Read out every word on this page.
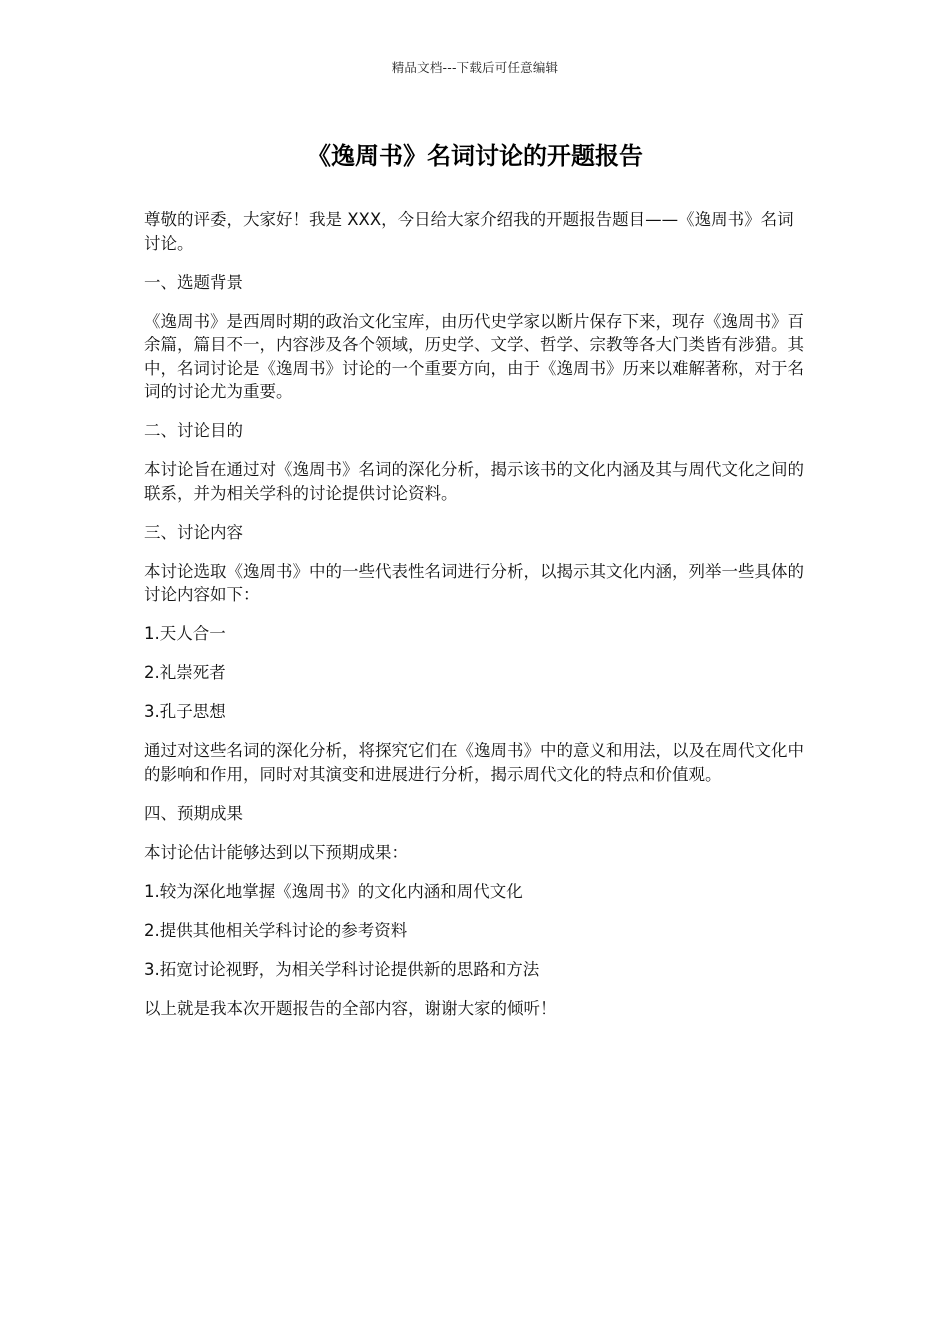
精品文档---下载后可任意编辑
《逸周书》名词讨论的开题报告

尊敬的评委，大家好！我是 XXX，今日给大家介绍我的开题报告题目——《逸周书》名词讨论。

一、选题背景

《逸周书》是西周时期的政治文化宝库，由历代史学家以断片保存下来，现存《逸周书》百余篇，篇目不一，内容涉及各个领域，历史学、文学、哲学、宗教等各大门类皆有涉猎。其中，名词讨论是《逸周书》讨论的一个重要方向，由于《逸周书》历来以难解著称，对于名词的讨论尤为重要。

二、讨论目的

本讨论旨在通过对《逸周书》名词的深化分析，揭示该书的文化内涵及其与周代文化之间的联系，并为相关学科的讨论提供讨论资料。

三、讨论内容

本讨论选取《逸周书》中的一些代表性名词进行分析，以揭示其文化内涵，列举一些具体的讨论内容如下：

1.天人合一

2.礼崇死者

3.孔子思想

通过对这些名词的深化分析，将探究它们在《逸周书》中的意义和用法，以及在周代文化中的影响和作用，同时对其演变和进展进行分析，揭示周代文化的特点和价值观。

四、预期成果

本讨论估计能够达到以下预期成果：

1.较为深化地掌握《逸周书》的文化内涵和周代文化

2.提供其他相关学科讨论的参考资料

3.拓宽讨论视野，为相关学科讨论提供新的思路和方法

以上就是我本次开题报告的全部内容，谢谢大家的倾听！
